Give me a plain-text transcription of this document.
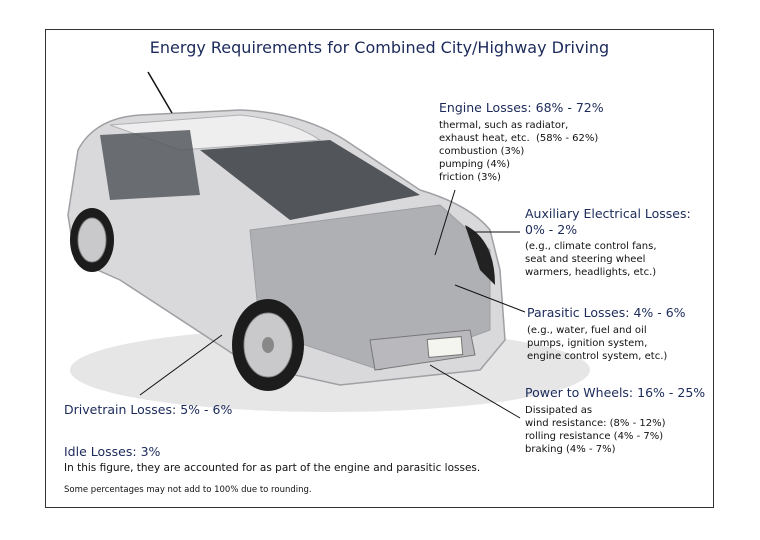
Energy Requirements for Combined City/Highway Driving
Engine Losses: 68% - 72%
thermal, such as radiator,
exhaust heat, etc.  (58% - 62%)
combustion (3%)
pumping (4%)
friction (3%)
Auxiliary Electrical Losses:
0% - 2%
(e.g., climate control fans,
seat and steering wheel
warmers, headlights, etc.)
Parasitic Losses: 4% - 6%
(e.g., water, fuel and oil
pumps, ignition system,
engine control system, etc.)
Power to Wheels: 16% - 25%
Dissipated as
wind resistance: (8% - 12%)
rolling resistance (4% - 7%)
braking (4% - 7%)
Drivetrain Losses: 5% - 6%
Idle Losses: 3%
In this figure, they are accounted for as part of the engine and parasitic losses.
Some percentages may not add to 100% due to rounding.
